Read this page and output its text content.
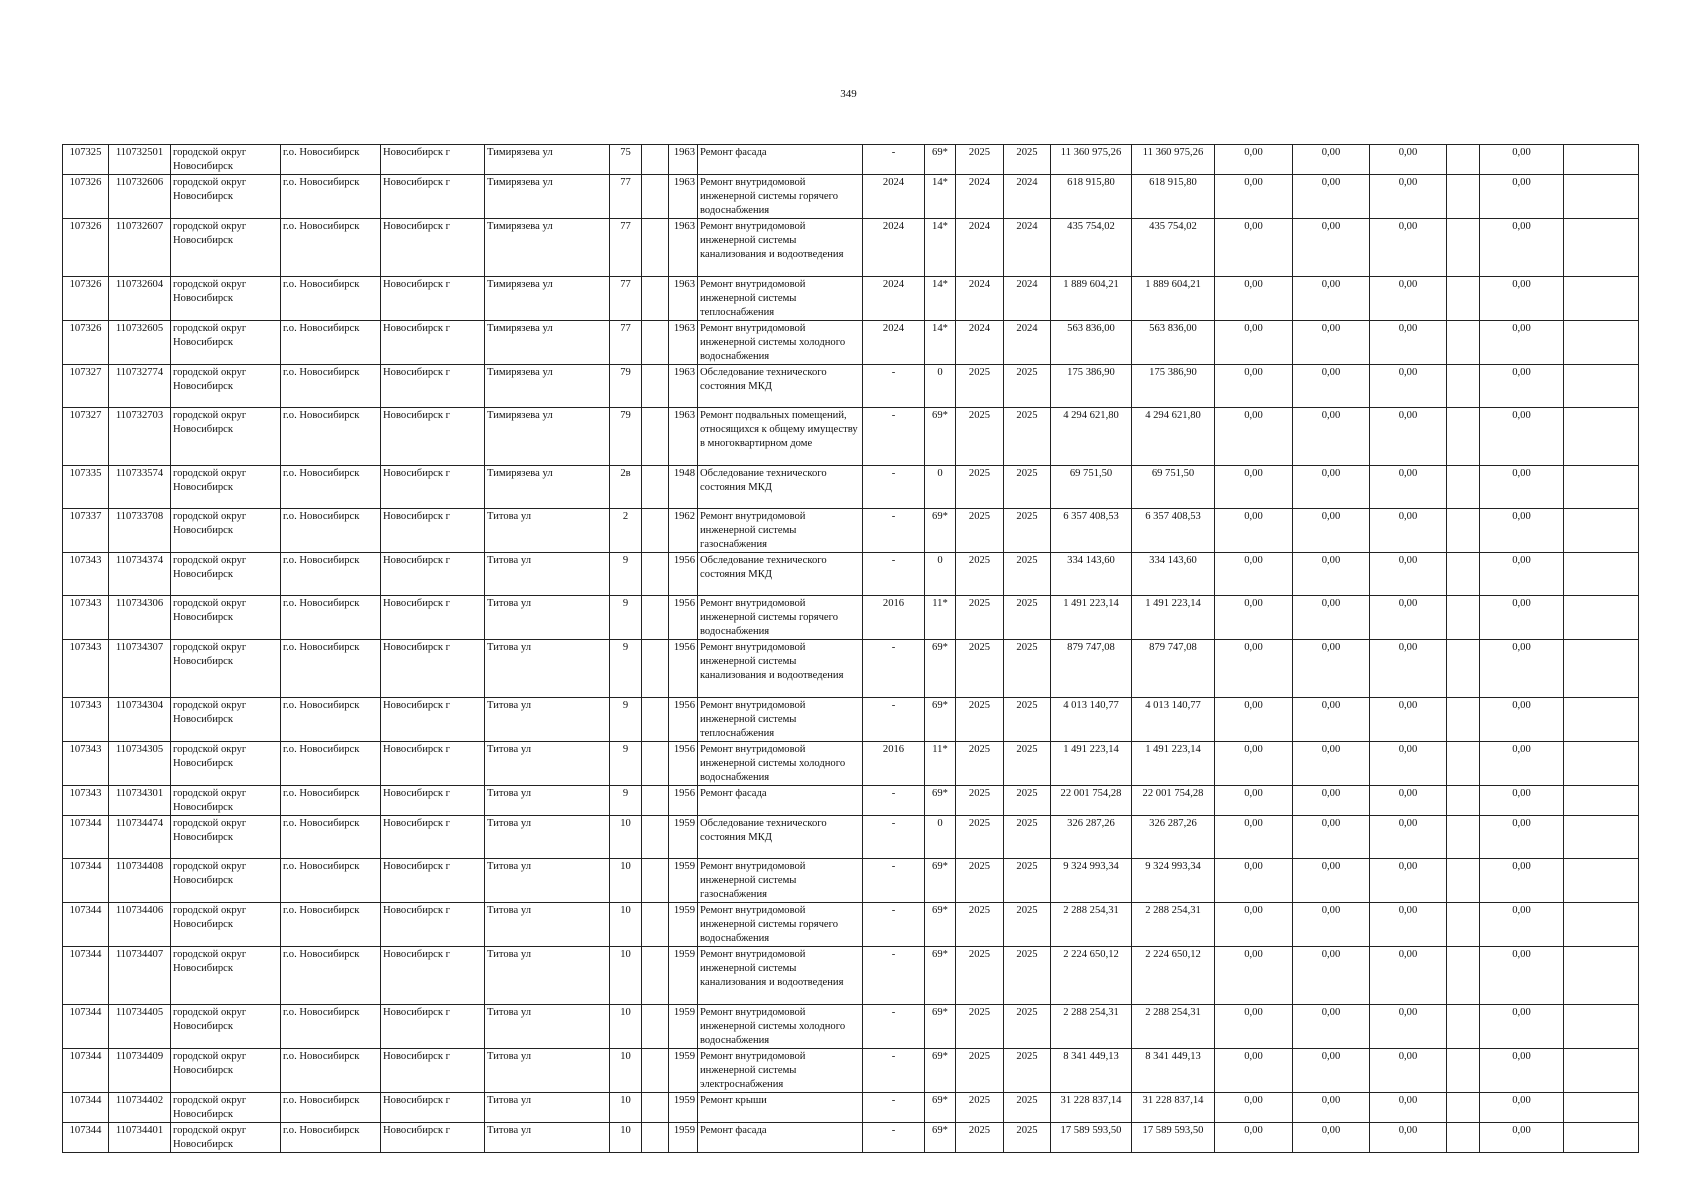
349
107325	110732501	городской округ Новосибирск	г.о. Новосибирск	Новосибирск г	Тимирязева ул	75		1963	Ремонт фасада	-	69*	2025	2025	11 360 975,26	11 360 975,26	0,00	0,00	0,00		0,00	
107326	110732606	городской округ Новосибирск	г.о. Новосибирск	Новосибирск г	Тимирязева ул	77		1963	Ремонт внутридомовой инженерной системы горячего водоснабжения	2024	14*	2024	2024	618 915,80	618 915,80	0,00	0,00	0,00		0,00	
107326	110732607	городской округ Новосибирск	г.о. Новосибирск	Новосибирск г	Тимирязева ул	77		1963	Ремонт внутридомовой инженерной системы канализования и водоотведения	2024	14*	2024	2024	435 754,02	435 754,02	0,00	0,00	0,00		0,00	
107326	110732604	городской округ Новосибирск	г.о. Новосибирск	Новосибирск г	Тимирязева ул	77		1963	Ремонт внутридомовой инженерной системы теплоснабжения	2024	14*	2024	2024	1 889 604,21	1 889 604,21	0,00	0,00	0,00		0,00	
107326	110732605	городской округ Новосибирск	г.о. Новосибирск	Новосибирск г	Тимирязева ул	77		1963	Ремонт внутридомовой инженерной системы холодного водоснабжения	2024	14*	2024	2024	563 836,00	563 836,00	0,00	0,00	0,00		0,00	
107327	110732774	городской округ Новосибирск	г.о. Новосибирск	Новосибирск г	Тимирязева ул	79		1963	Обследование технического состояния МКД	-	0	2025	2025	175 386,90	175 386,90	0,00	0,00	0,00		0,00	
107327	110732703	городской округ Новосибирск	г.о. Новосибирск	Новосибирск г	Тимирязева ул	79		1963	Ремонт подвальных помещений, относящихся к общему имуществу в многоквартирном доме	-	69*	2025	2025	4 294 621,80	4 294 621,80	0,00	0,00	0,00		0,00	
107335	110733574	городской округ Новосибирск	г.о. Новосибирск	Новосибирск г	Тимирязева ул	2в		1948	Обследование технического состояния МКД	-	0	2025	2025	69 751,50	69 751,50	0,00	0,00	0,00		0,00	
107337	110733708	городской округ Новосибирск	г.о. Новосибирск	Новосибирск г	Титова ул	2		1962	Ремонт внутридомовой инженерной системы газоснабжения	-	69*	2025	2025	6 357 408,53	6 357 408,53	0,00	0,00	0,00		0,00	
107343	110734374	городской округ Новосибирск	г.о. Новосибирск	Новосибирск г	Титова ул	9		1956	Обследование технического состояния МКД	-	0	2025	2025	334 143,60	334 143,60	0,00	0,00	0,00		0,00	
107343	110734306	городской округ Новосибирск	г.о. Новосибирск	Новосибирск г	Титова ул	9		1956	Ремонт внутридомовой инженерной системы горячего водоснабжения	2016	11*	2025	2025	1 491 223,14	1 491 223,14	0,00	0,00	0,00		0,00	
107343	110734307	городской округ Новосибирск	г.о. Новосибирск	Новосибирск г	Титова ул	9		1956	Ремонт внутридомовой инженерной системы канализования и водоотведения	-	69*	2025	2025	879 747,08	879 747,08	0,00	0,00	0,00		0,00	
107343	110734304	городской округ Новосибирск	г.о. Новосибирск	Новосибирск г	Титова ул	9		1956	Ремонт внутридомовой инженерной системы теплоснабжения	-	69*	2025	2025	4 013 140,77	4 013 140,77	0,00	0,00	0,00		0,00	
107343	110734305	городской округ Новосибирск	г.о. Новосибирск	Новосибирск г	Титова ул	9		1956	Ремонт внутридомовой инженерной системы холодного водоснабжения	2016	11*	2025	2025	1 491 223,14	1 491 223,14	0,00	0,00	0,00		0,00	
107343	110734301	городской округ Новосибирск	г.о. Новосибирск	Новосибирск г	Титова ул	9		1956	Ремонт фасада	-	69*	2025	2025	22 001 754,28	22 001 754,28	0,00	0,00	0,00		0,00	
107344	110734474	городской округ Новосибирск	г.о. Новосибирск	Новосибирск г	Титова ул	10		1959	Обследование технического состояния МКД	-	0	2025	2025	326 287,26	326 287,26	0,00	0,00	0,00		0,00	
107344	110734408	городской округ Новосибирск	г.о. Новосибирск	Новосибирск г	Титова ул	10		1959	Ремонт внутридомовой инженерной системы газоснабжения	-	69*	2025	2025	9 324 993,34	9 324 993,34	0,00	0,00	0,00		0,00	
107344	110734406	городской округ Новосибирск	г.о. Новосибирск	Новосибирск г	Титова ул	10		1959	Ремонт внутридомовой инженерной системы горячего водоснабжения	-	69*	2025	2025	2 288 254,31	2 288 254,31	0,00	0,00	0,00		0,00	
107344	110734407	городской округ Новосибирск	г.о. Новосибирск	Новосибирск г	Титова ул	10		1959	Ремонт внутридомовой инженерной системы канализования и водоотведения	-	69*	2025	2025	2 224 650,12	2 224 650,12	0,00	0,00	0,00		0,00	
107344	110734405	городской округ Новосибирск	г.о. Новосибирск	Новосибирск г	Титова ул	10		1959	Ремонт внутридомовой инженерной системы холодного водоснабжения	-	69*	2025	2025	2 288 254,31	2 288 254,31	0,00	0,00	0,00		0,00	
107344	110734409	городской округ Новосибирск	г.о. Новосибирск	Новосибирск г	Титова ул	10		1959	Ремонт внутридомовой инженерной системы электроснабжения	-	69*	2025	2025	8 341 449,13	8 341 449,13	0,00	0,00	0,00		0,00	
107344	110734402	городской округ Новосибирск	г.о. Новосибирск	Новосибирск г	Титова ул	10		1959	Ремонт крыши	-	69*	2025	2025	31 228 837,14	31 228 837,14	0,00	0,00	0,00		0,00	
107344	110734401	городской округ Новосибирск	г.о. Новосибирск	Новосибирск г	Титова ул	10		1959	Ремонт фасада	-	69*	2025	2025	17 589 593,50	17 589 593,50	0,00	0,00	0,00		0,00	
